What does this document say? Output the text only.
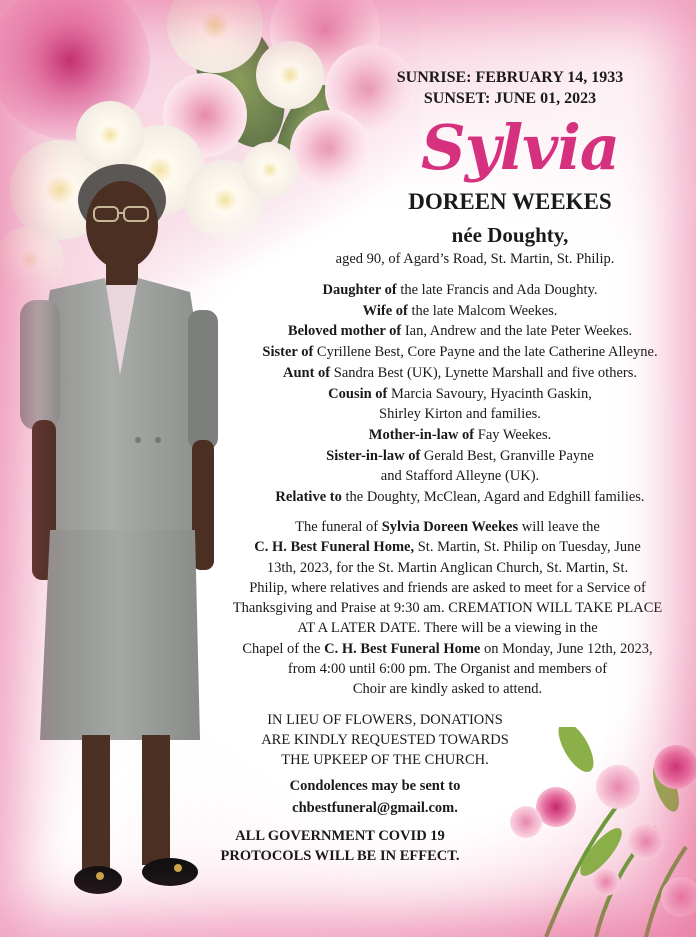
SUNRISE: FEBRUARY 14, 1933
SUNSET: JUNE 01, 2023
Sylvia
DOREEN WEEKES
née Doughty,
aged 90, of Agard’s Road, St. Martin, St. Philip.
Daughter of the late Francis and Ada Doughty.
Wife of the late Malcom Weekes.
Beloved mother of Ian, Andrew and the late Peter Weekes.
Sister of Cyrillene Best, Core Payne and the late Catherine Alleyne.
Aunt of Sandra Best (UK), Lynette Marshall and five others.
Cousin of Marcia Savoury, Hyacinth Gaskin,
Shirley Kirton and families.
Mother-in-law of Fay Weekes.
Sister-in-law of Gerald Best, Granville Payne
and Stafford Alleyne (UK).
Relative to the Doughty, McClean, Agard and Edghill families.
The funeral of Sylvia Doreen Weekes will leave the
C. H. Best Funeral Home, St. Martin, St. Philip on Tuesday, June
13th, 2023, for the St. Martin Anglican Church, St. Martin, St.
Philip, where relatives and friends are asked to meet for a Service of
Thanksgiving and Praise at 9:30 am. CREMATION WILL TAKE PLACE
AT A LATER DATE. There will be a viewing in the
Chapel of the C. H. Best Funeral Home on Monday, June 12th, 2023,
from 4:00 until 6:00 pm. The Organist and members of
Choir are kindly asked to attend.
IN LIEU OF FLOWERS, DONATIONS
ARE KINDLY REQUESTED TOWARDS
THE UPKEEP OF THE CHURCH.
Condolences may be sent to
chbestfuneral@gmail.com.
ALL GOVERNMENT COVID 19
PROTOCOLS WILL BE IN EFFECT.
